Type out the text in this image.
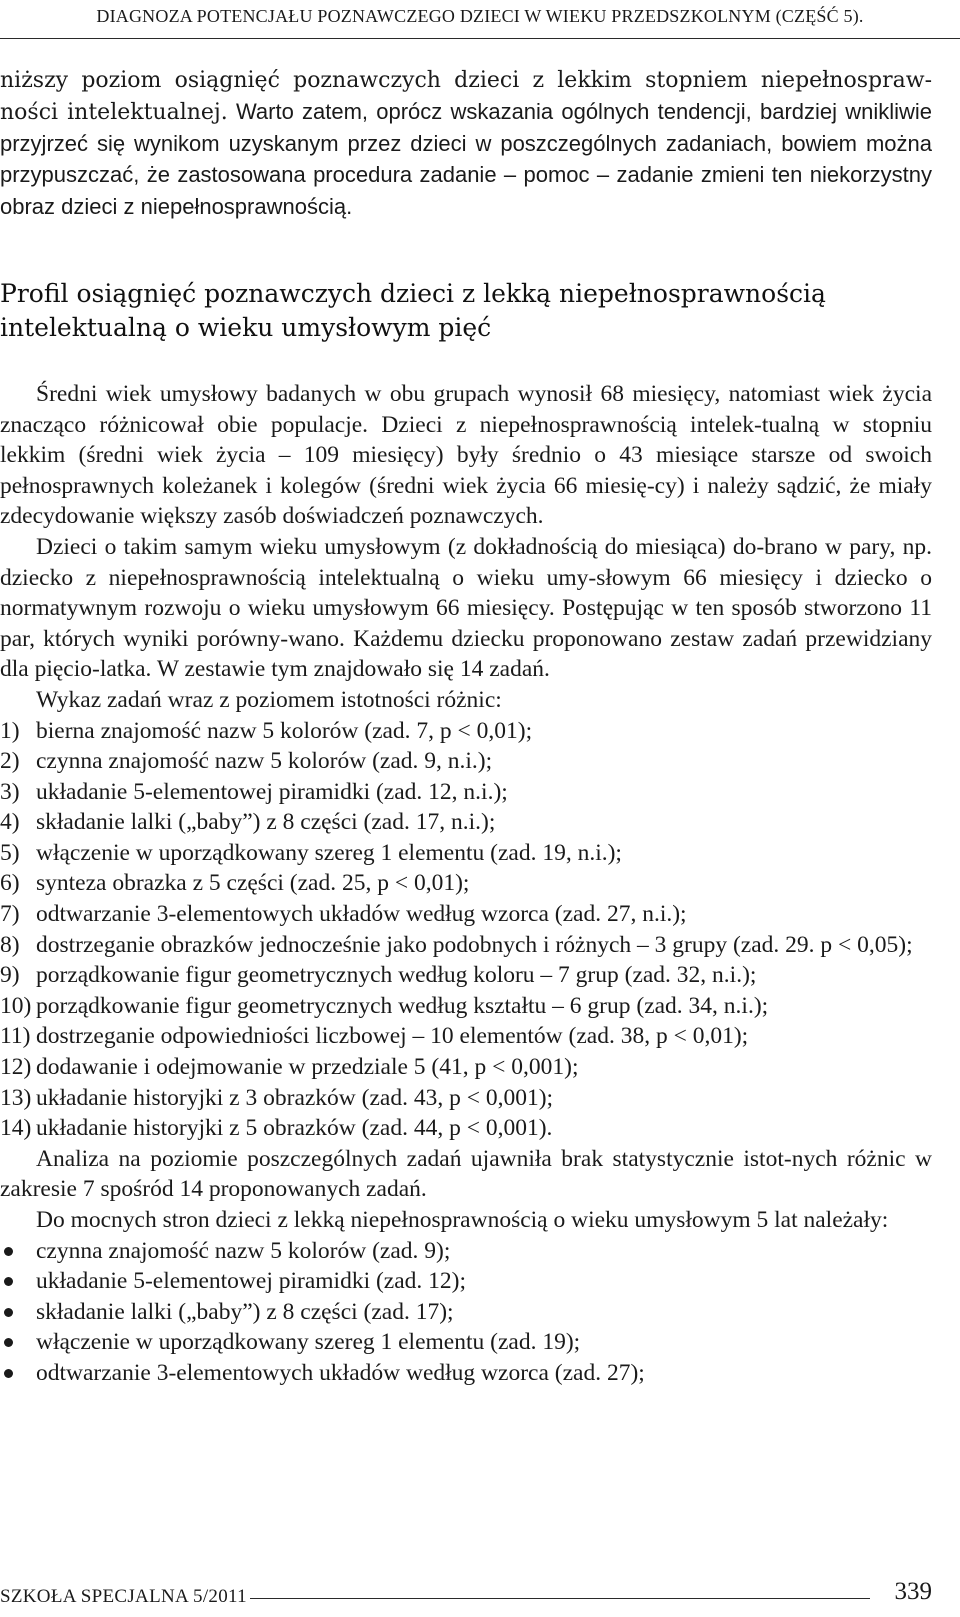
DIAGNOZA POTENCJAŁU POZNAWCZEGO DZIECI W WIEKU PRZEDSZKOLNYM (CZĘŚĆ 5).

niższy poziom osiągnięć poznawczych dzieci z lekkim stopniem niepełnospraw-ności intelektualnej. Warto zatem, oprócz wskazania ogólnych tendencji, bardziej wnikliwie przyjrzeć się wynikom uzyskanym przez dzieci w poszczególnych zadaniach, bowiem można przypuszczać, że zastosowana procedura zadanie – pomoc – zadanie zmieni ten niekorzystny obraz dzieci z niepełnosprawnością.

Profil osiągnięć poznawczych dzieci z lekką niepełnosprawnością intelektualną o wieku umysłowym pięć

Średni wiek umysłowy badanych w obu grupach wynosił 68 miesięcy, natomiast wiek życia znacząco różnicował obie populacje. Dzieci z niepełnosprawnością intelek-tualną w stopniu lekkim (średni wiek życia – 109 miesięcy) były średnio o 43 miesiące starsze od swoich pełnosprawnych koleżanek i kolegów (średni wiek życia 66 miesię-cy) i należy sądzić, że miały zdecydowanie większy zasób doświadczeń poznawczych.

Dzieci o takim samym wieku umysłowym (z dokładnością do miesiąca) do-brano w pary, np. dziecko z niepełnosprawnością intelektualną o wieku umy-słowym 66 miesięcy i dziecko o normatywnym rozwoju o wieku umysłowym 66 miesięcy. Postępując w ten sposób stworzono 11 par, których wyniki porówny-wano. Każdemu dziecku proponowano zestaw zadań przewidziany dla pięcio-latka. W zestawie tym znajdowało się 14 zadań.

Wykaz zadań wraz z poziomem istotności różnic:

1) bierna znajomość nazw 5 kolorów (zad. 7, p < 0,01);
2) czynna znajomość nazw 5 kolorów (zad. 9, n.i.);
3) układanie 5-elementowej piramidki (zad. 12, n.i.);
4) składanie lalki („baby”) z 8 części (zad. 17, n.i.);
5) włączenie w uporządkowany szereg 1 elementu (zad. 19, n.i.);
6) synteza obrazka z 5 części (zad. 25, p < 0,01);
7) odtwarzanie 3-elementowych układów według wzorca (zad. 27, n.i.);
8) dostrzeganie obrazków jednocześnie jako podobnych i różnych – 3 grupy (zad. 29. p < 0,05);
9) porządkowanie figur geometrycznych według koloru – 7 grup (zad. 32, n.i.);
10) porządkowanie figur geometrycznych według kształtu – 6 grup (zad. 34, n.i.);
11) dostrzeganie odpowiedniości liczbowej – 10 elementów (zad. 38, p < 0,01);
12) dodawanie i odejmowanie w przedziale 5 (41, p < 0,001);
13) układanie historyjki z 3 obrazków (zad. 43, p < 0,001);
14) układanie historyjki z 5 obrazków (zad. 44, p < 0,001).

Analiza na poziomie poszczególnych zadań ujawniła brak statystycznie istot-nych różnic w zakresie 7 spośród 14 proponowanych zadań.

Do mocnych stron dzieci z lekką niepełnosprawnością o wieku umysłowym 5 lat należały:

czynna znajomość nazw 5 kolorów (zad. 9);
układanie 5-elementowej piramidki (zad. 12);
składanie lalki („baby”) z 8 części (zad. 17);
włączenie w uporządkowany szereg 1 elementu (zad. 19);
odtwarzanie 3-elementowych układów według wzorca (zad. 27);
SZKOŁA SPECJALNA 5/2011	339
